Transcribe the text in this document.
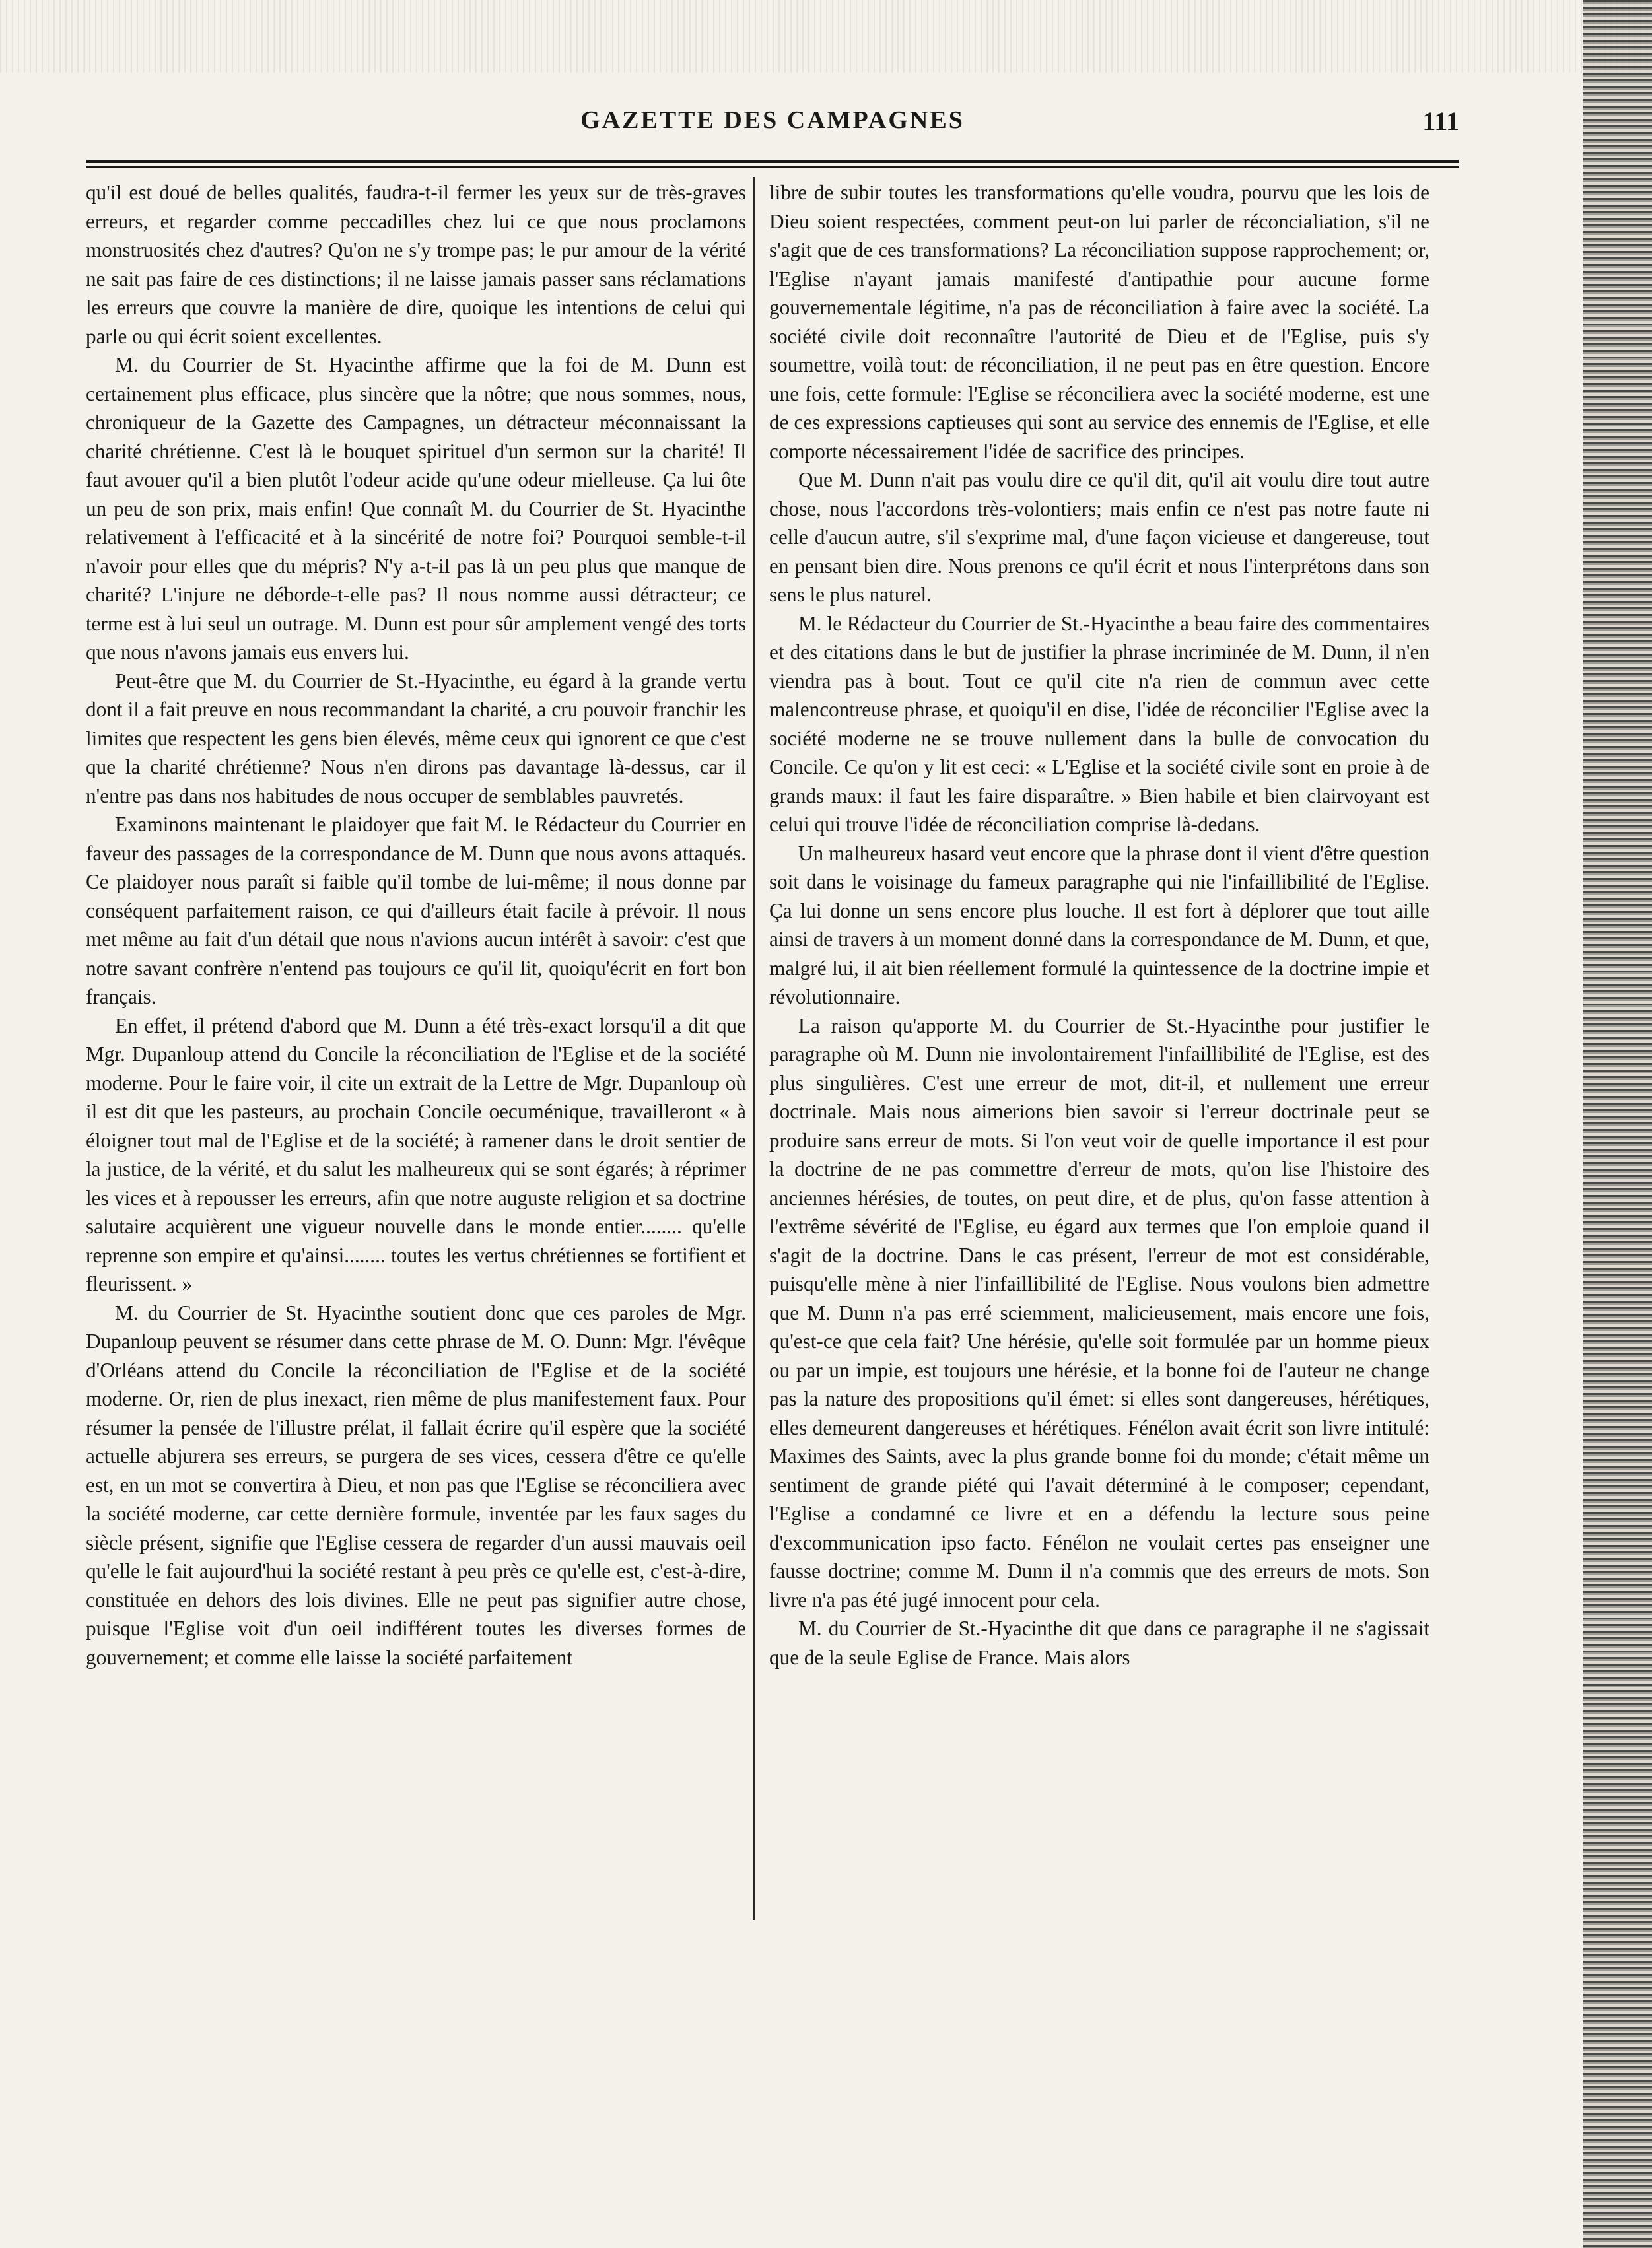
GAZETTE DES CAMPAGNES	111

qu'il est doué de belles qualités, faudra-t-il fermer les yeux sur de très-graves erreurs, et regarder comme peccadilles chez lui ce que nous proclamons monstruosités chez d'autres? Qu'on ne s'y trompe pas; le pur amour de la vérité ne sait pas faire de ces distinctions; il ne laisse jamais passer sans réclamations les erreurs que couvre la manière de dire, quoique les intentions de celui qui parle ou qui écrit soient excellentes.

M. du Courrier de St. Hyacinthe affirme que la foi de M. Dunn est certainement plus efficace, plus sincère que la nôtre; que nous sommes, nous, chroniqueur de la Gazette des Campagnes, un détracteur méconnaissant la charité chrétienne. C'est là le bouquet spirituel d'un sermon sur la charité! Il faut avouer qu'il a bien plutôt l'odeur acide qu'une odeur mielleuse. Ça lui ôte un peu de son prix, mais enfin! Que connaît M. du Courrier de St. Hyacinthe relativement à l'efficacité et à la sincérité de notre foi? Pourquoi semble-t-il n'avoir pour elles que du mépris? N'y a-t-il pas là un peu plus que manque de charité? L'injure ne déborde-t-elle pas? Il nous nomme aussi détracteur; ce terme est à lui seul un outrage. M. Dunn est pour sûr amplement vengé des torts que nous n'avons jamais eus envers lui.

Peut-être que M. du Courrier de St.-Hyacinthe, eu égard à la grande vertu dont il a fait preuve en nous recommandant la charité, a cru pouvoir franchir les limites que respectent les gens bien élevés, même ceux qui ignorent ce que c'est que la charité chrétienne? Nous n'en dirons pas davantage là-dessus, car il n'entre pas dans nos habitudes de nous occuper de semblables pauvretés.

Examinons maintenant le plaidoyer que fait M. le Rédacteur du Courrier en faveur des passages de la correspondance de M. Dunn que nous avons attaqués. Ce plaidoyer nous paraît si faible qu'il tombe de lui-même; il nous donne par conséquent parfaitement raison, ce qui d'ailleurs était facile à prévoir. Il nous met même au fait d'un détail que nous n'avions aucun intérêt à savoir: c'est que notre savant confrère n'entend pas toujours ce qu'il lit, quoiqu'écrit en fort bon français.

En effet, il prétend d'abord que M. Dunn a été très-exact lorsqu'il a dit que Mgr. Dupanloup attend du Concile la réconciliation de l'Eglise et de la société moderne. Pour le faire voir, il cite un extrait de la Lettre de Mgr. Dupanloup où il est dit que les pasteurs, au prochain Concile oecuménique, travailleront « à éloigner tout mal de l'Eglise et de la société; à ramener dans le droit sentier de la justice, de la vérité, et du salut les malheureux qui se sont égarés; à réprimer les vices et à repousser les erreurs, afin que notre auguste religion et sa doctrine salutaire acquièrent une vigueur nouvelle dans le monde entier........ qu'elle reprenne son empire et qu'ainsi........ toutes les vertus chrétiennes se fortifient et fleurissent. »

M. du Courrier de St. Hyacinthe soutient donc que ces paroles de Mgr. Dupanloup peuvent se résumer dans cette phrase de M. O. Dunn: Mgr. l'évêque d'Orléans attend du Concile la réconciliation de l'Eglise et de la société moderne. Or, rien de plus inexact, rien même de plus manifestement faux. Pour résumer la pensée de l'illustre prélat, il fallait écrire qu'il espère que la société actuelle abjurera ses erreurs, se purgera de ses vices, cessera d'être ce qu'elle est, en un mot se convertira à Dieu, et non pas que l'Eglise se réconciliera avec la société moderne, car cette dernière formule, inventée par les faux sages du siècle présent, signifie que l'Eglise cessera de regarder d'un aussi mauvais oeil qu'elle le fait aujourd'hui la société restant à peu près ce qu'elle est, c'est-à-dire, constituée en dehors des lois divines. Elle ne peut pas signifier autre chose, puisque l'Eglise voit d'un oeil indifférent toutes les diverses formes de gouvernement; et comme elle laisse la société parfaitement

libre de subir toutes les transformations qu'elle voudra, pourvu que les lois de Dieu soient respectées, comment peut-on lui parler de réconcialiation, s'il ne s'agit que de ces transformations? La réconciliation suppose rapprochement; or, l'Eglise n'ayant jamais manifesté d'antipathie pour aucune forme gouvernementale légitime, n'a pas de réconciliation à faire avec la société. La société civile doit reconnaître l'autorité de Dieu et de l'Eglise, puis s'y soumettre, voilà tout: de réconciliation, il ne peut pas en être question. Encore une fois, cette formule: l'Eglise se réconciliera avec la société moderne, est une de ces expressions captieuses qui sont au service des ennemis de l'Eglise, et elle comporte nécessairement l'idée de sacrifice des principes.

Que M. Dunn n'ait pas voulu dire ce qu'il dit, qu'il ait voulu dire tout autre chose, nous l'accordons très-volontiers; mais enfin ce n'est pas notre faute ni celle d'aucun autre, s'il s'exprime mal, d'une façon vicieuse et dangereuse, tout en pensant bien dire. Nous prenons ce qu'il écrit et nous l'interprétons dans son sens le plus naturel.

M. le Rédacteur du Courrier de St.-Hyacinthe a beau faire des commentaires et des citations dans le but de justifier la phrase incriminée de M. Dunn, il n'en viendra pas à bout. Tout ce qu'il cite n'a rien de commun avec cette malencontreuse phrase, et quoiqu'il en dise, l'idée de réconcilier l'Eglise avec la société moderne ne se trouve nullement dans la bulle de convocation du Concile. Ce qu'on y lit est ceci: « L'Eglise et la société civile sont en proie à de grands maux: il faut les faire disparaître. » Bien habile et bien clairvoyant est celui qui trouve l'idée de réconciliation comprise là-dedans.

Un malheureux hasard veut encore que la phrase dont il vient d'être question soit dans le voisinage du fameux paragraphe qui nie l'infaillibilité de l'Eglise. Ça lui donne un sens encore plus louche. Il est fort à déplorer que tout aille ainsi de travers à un moment donné dans la correspondance de M. Dunn, et que, malgré lui, il ait bien réellement formulé la quintessence de la doctrine impie et révolutionnaire.

La raison qu'apporte M. du Courrier de St.-Hyacinthe pour justifier le paragraphe où M. Dunn nie involontairement l'infaillibilité de l'Eglise, est des plus singulières. C'est une erreur de mot, dit-il, et nullement une erreur doctrinale. Mais nous aimerions bien savoir si l'erreur doctrinale peut se produire sans erreur de mots. Si l'on veut voir de quelle importance il est pour la doctrine de ne pas commettre d'erreur de mots, qu'on lise l'histoire des anciennes hérésies, de toutes, on peut dire, et de plus, qu'on fasse attention à l'extrême sévérité de l'Eglise, eu égard aux termes que l'on emploie quand il s'agit de la doctrine. Dans le cas présent, l'erreur de mot est considérable, puisqu'elle mène à nier l'infaillibilité de l'Eglise. Nous voulons bien admettre que M. Dunn n'a pas erré sciemment, malicieusement, mais encore une fois, qu'est-ce que cela fait? Une hérésie, qu'elle soit formulée par un homme pieux ou par un impie, est toujours une hérésie, et la bonne foi de l'auteur ne change pas la nature des propositions qu'il émet: si elles sont dangereuses, hérétiques, elles demeurent dangereuses et hérétiques. Fénélon avait écrit son livre intitulé: Maximes des Saints, avec la plus grande bonne foi du monde; c'était même un sentiment de grande piété qui l'avait déterminé à le composer; cependant, l'Eglise a condamné ce livre et en a défendu la lecture sous peine d'excommunication ipso facto. Fénélon ne voulait certes pas enseigner une fausse doctrine; comme M. Dunn il n'a commis que des erreurs de mots. Son livre n'a pas été jugé innocent pour cela.

M. du Courrier de St.-Hyacinthe dit que dans ce paragraphe il ne s'agissait que de la seule Eglise de France. Mais alors
